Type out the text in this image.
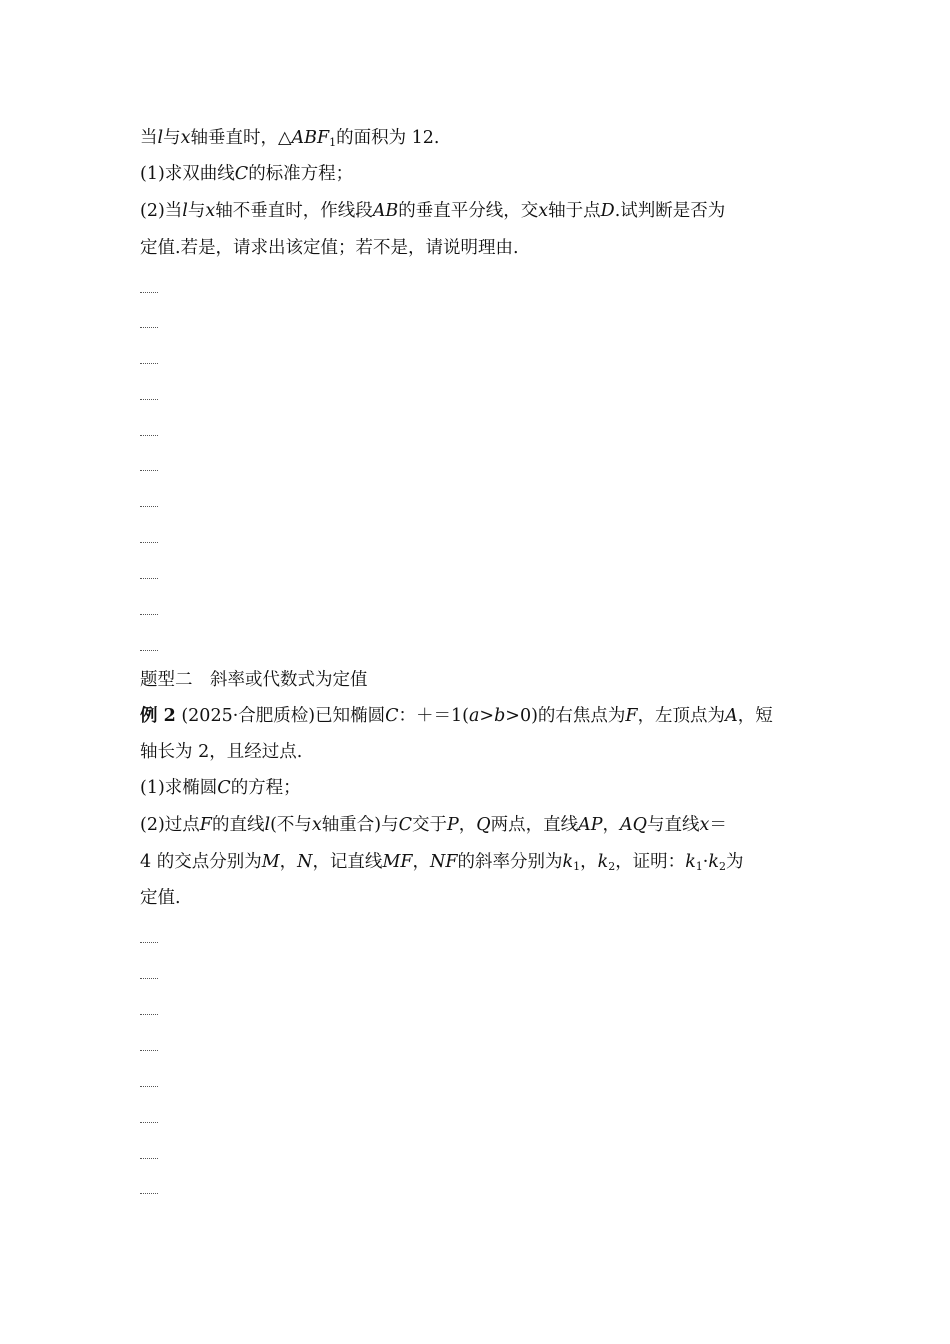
当l与x轴垂直时，$\triangle ABF_1$的面积为 12.
(1)求双曲线C的标准方程；
(2)当l与x轴不垂直时，作线段AB的垂直平分线，交x轴于点D.试判断是否为
定值.若是，请求出该定值；若不是，请说明理由.
题型二　斜率或代数式为定值
例 2 (2025·合肥质检)已知椭圆C：＋＝1(a>b>0)的右焦点为F，左顶点为A，短
轴长为 2，且经过点.
(1)求椭圆C的方程；
(2)过点F的直线l(不与x轴重合)与C交于P，Q两点，直线AP，AQ与直线x＝
4 的交点分别为M，N，记直线MF，NF的斜率分别为$k_1$，$k_2$，证明：$k_1\cdot k_2$为
定值.
